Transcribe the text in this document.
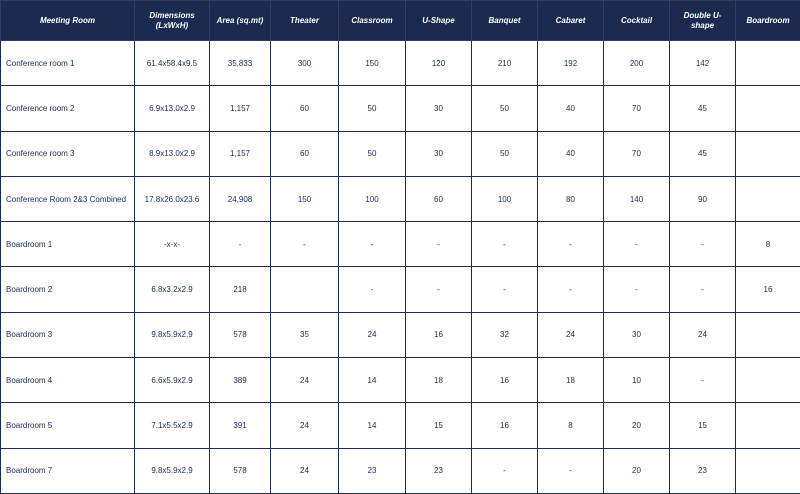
Meeting Room	Dimensions (LxWxH)	Area (sq.mt)	Theater	Classroom	U-Shape	Banquet	Cabaret	Cocktail	Double U-shape	Boardroom
Conference room 1	61.4x58.4x9.5	35,833	300	150	120	210	192	200	142	
Conference room 2	6.9x13.0x2.9	1,157	60	50	30	50	40	70	45	
Conference room 3	8.9x13.0x2.9	1,157	60	50	30	50	40	70	45	
Conference Room 2&3 Combined	17.8x26.0x23.6	24,908	150	100	60	100	80	140	90	
Boardroom 1	-x-x-	-	-	-	-	-	-	-	-	8
Boardroom 2	6.8x3.2x2.9	218		-	-	-	-	-	-	16
Boardroom 3	9.8x5.9x2.9	578	35	24	16	32	24	30	24	
Boardroom 4	6.6x5.9x2.9	389	24	14	18	16	18	10	-	
Boardroom 5	7.1x5.5x2.9	391	24	14	15	16	8	20	15	
Boardroom 7	9.8x5.9x2.9	578	24	23	23	-	-	20	23	
